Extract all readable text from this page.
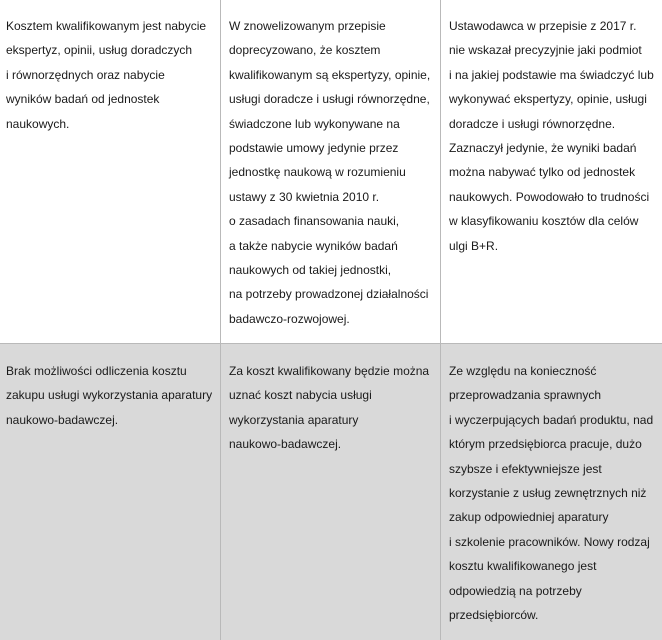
Kosztem kwalifikowanym jest nabycie
ekspertyz, opinii, usług doradczych
i równorzędnych oraz nabycie
wyników badań od jednostek
naukowych.
W znowelizowanym przepisie
doprecyzowano, że kosztem
kwalifikowanym są ekspertyzy, opinie,
usługi doradcze i usługi równorzędne,
świadczone lub wykonywane na
podstawie umowy jedynie przez
jednostkę naukową w rozumieniu
ustawy z 30 kwietnia 2010 r.
o zasadach finansowania nauki,
a także nabycie wyników badań
naukowych od takiej jednostki,
na potrzeby prowadzonej działalności
badawczo-rozwojowej.
Ustawodawca w przepisie z 2017 r.
nie wskazał precyzyjnie jaki podmiot
i na jakiej podstawie ma świadczyć lub
wykonywać ekspertyzy, opinie, usługi
doradcze i usługi równorzędne.
Zaznaczył jedynie, że wyniki badań
można nabywać tylko od jednostek
naukowych. Powodowało to trudności
w klasyfikowaniu kosztów dla celów
ulgi B+R.
Brak możliwości odliczenia kosztu
zakupu usługi wykorzystania aparatury
naukowo-badawczej.
Za koszt kwalifikowany będzie można
uznać koszt nabycia usługi
wykorzystania aparatury
naukowo-badawczej.
Ze względu na konieczność
przeprowadzania sprawnych
i wyczerpujących badań produktu, nad
którym przedsiębiorca pracuje, dużo
szybsze i efektywniejsze jest
korzystanie z usług zewnętrznych niż
zakup odpowiedniej aparatury
i szkolenie pracowników. Nowy rodzaj
kosztu kwalifikowanego jest
odpowiedzią na potrzeby
przedsiębiorców.
